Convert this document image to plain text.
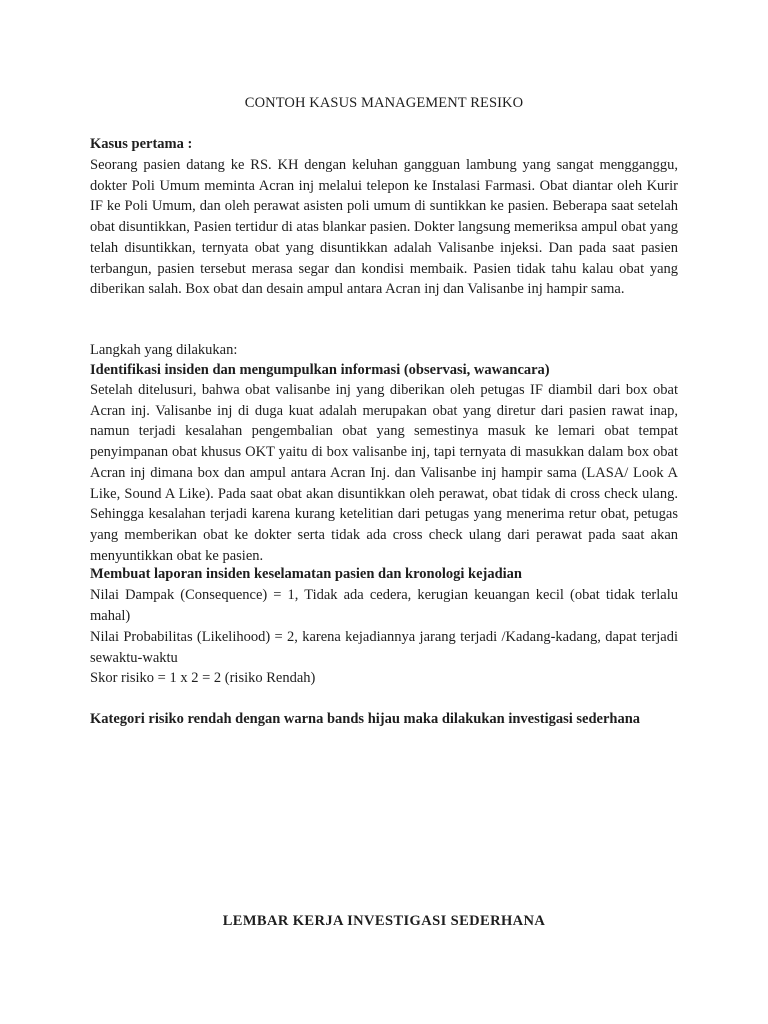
CONTOH KASUS MANAGEMENT RESIKO
Kasus pertama :

Seorang pasien datang ke RS. KH dengan keluhan gangguan lambung yang sangat mengganggu, dokter Poli Umum meminta Acran inj melalui telepon ke Instalasi Farmasi. Obat diantar oleh Kurir IF ke Poli Umum, dan oleh perawat asisten poli umum di suntikkan ke pasien. Beberapa saat setelah obat disuntikkan, Pasien tertidur di atas blankar pasien. Dokter langsung memeriksa ampul obat yang telah disuntikkan, ternyata obat yang disuntikkan adalah Valisanbe injeksi. Dan pada saat pasien terbangun, pasien tersebut merasa segar dan kondisi membaik. Pasien tidak tahu kalau obat yang diberikan salah. Box obat dan desain ampul antara Acran inj dan Valisanbe inj hampir sama.

Langkah yang dilakukan:
Identifikasi insiden dan mengumpulkan informasi (observasi, wawancara)

Setelah ditelusuri, bahwa obat valisanbe inj yang diberikan oleh petugas IF diambil dari box obat Acran inj. Valisanbe inj di duga kuat adalah merupakan obat yang diretur dari pasien rawat inap, namun terjadi kesalahan pengembalian obat yang semestinya masuk ke lemari obat tempat penyimpanan obat khusus OKT yaitu di box valisanbe inj, tapi ternyata di masukkan dalam box obat Acran inj dimana box dan ampul antara Acran Inj. dan Valisanbe inj hampir sama (LASA/ Look A Like, Sound A Like). Pada saat obat akan disuntikkan oleh perawat, obat tidak di cross check ulang. Sehingga kesalahan terjadi karena kurang ketelitian dari petugas yang menerima retur obat, petugas yang memberikan obat ke dokter serta tidak ada cross check ulang dari perawat pada saat akan menyuntikkan obat ke pasien.

Membuat laporan insiden keselamatan pasien dan kronologi kejadian

Nilai Dampak (Consequence) = 1, Tidak ada cedera, kerugian keuangan kecil (obat tidak terlalu mahal)

Nilai Probabilitas (Likelihood) = 2, karena kejadiannya jarang terjadi /Kadang-kadang, dapat terjadi sewaktu-waktu

Skor risiko = 1 x 2 = 2 (risiko Rendah)

Kategori risiko rendah dengan warna bands hijau maka dilakukan investigasi sederhana
LEMBAR KERJA INVESTIGASI SEDERHANA
